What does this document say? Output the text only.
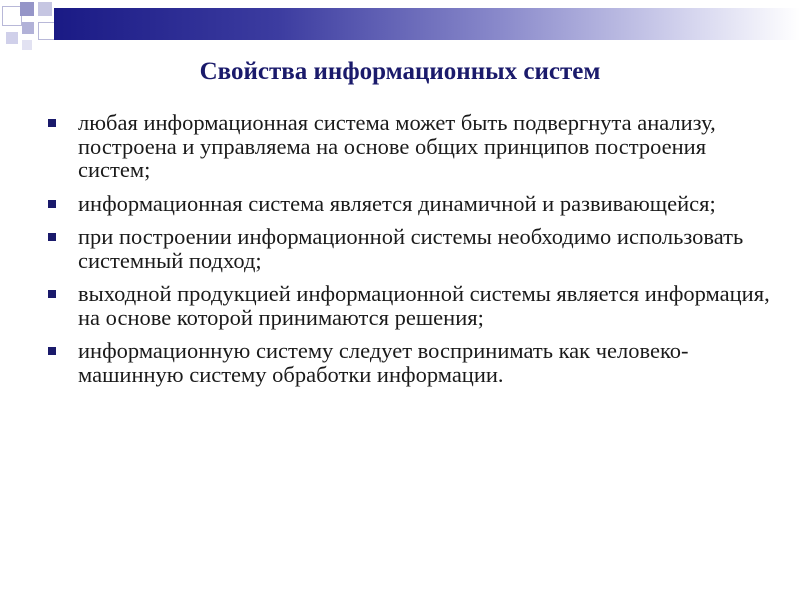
Свойства информационных систем
любая информационная система может быть подвергнута анализу, построена и управляема на основе общих принципов построения систем;
информационная система является динамичной и развивающейся;
при построении информационной системы необходимо использовать системный подход;
выходной продукцией информационной системы является информация, на основе которой принимаются решения;
информационную систему следует воспринимать как человеко-машинную систему обработки информации.
